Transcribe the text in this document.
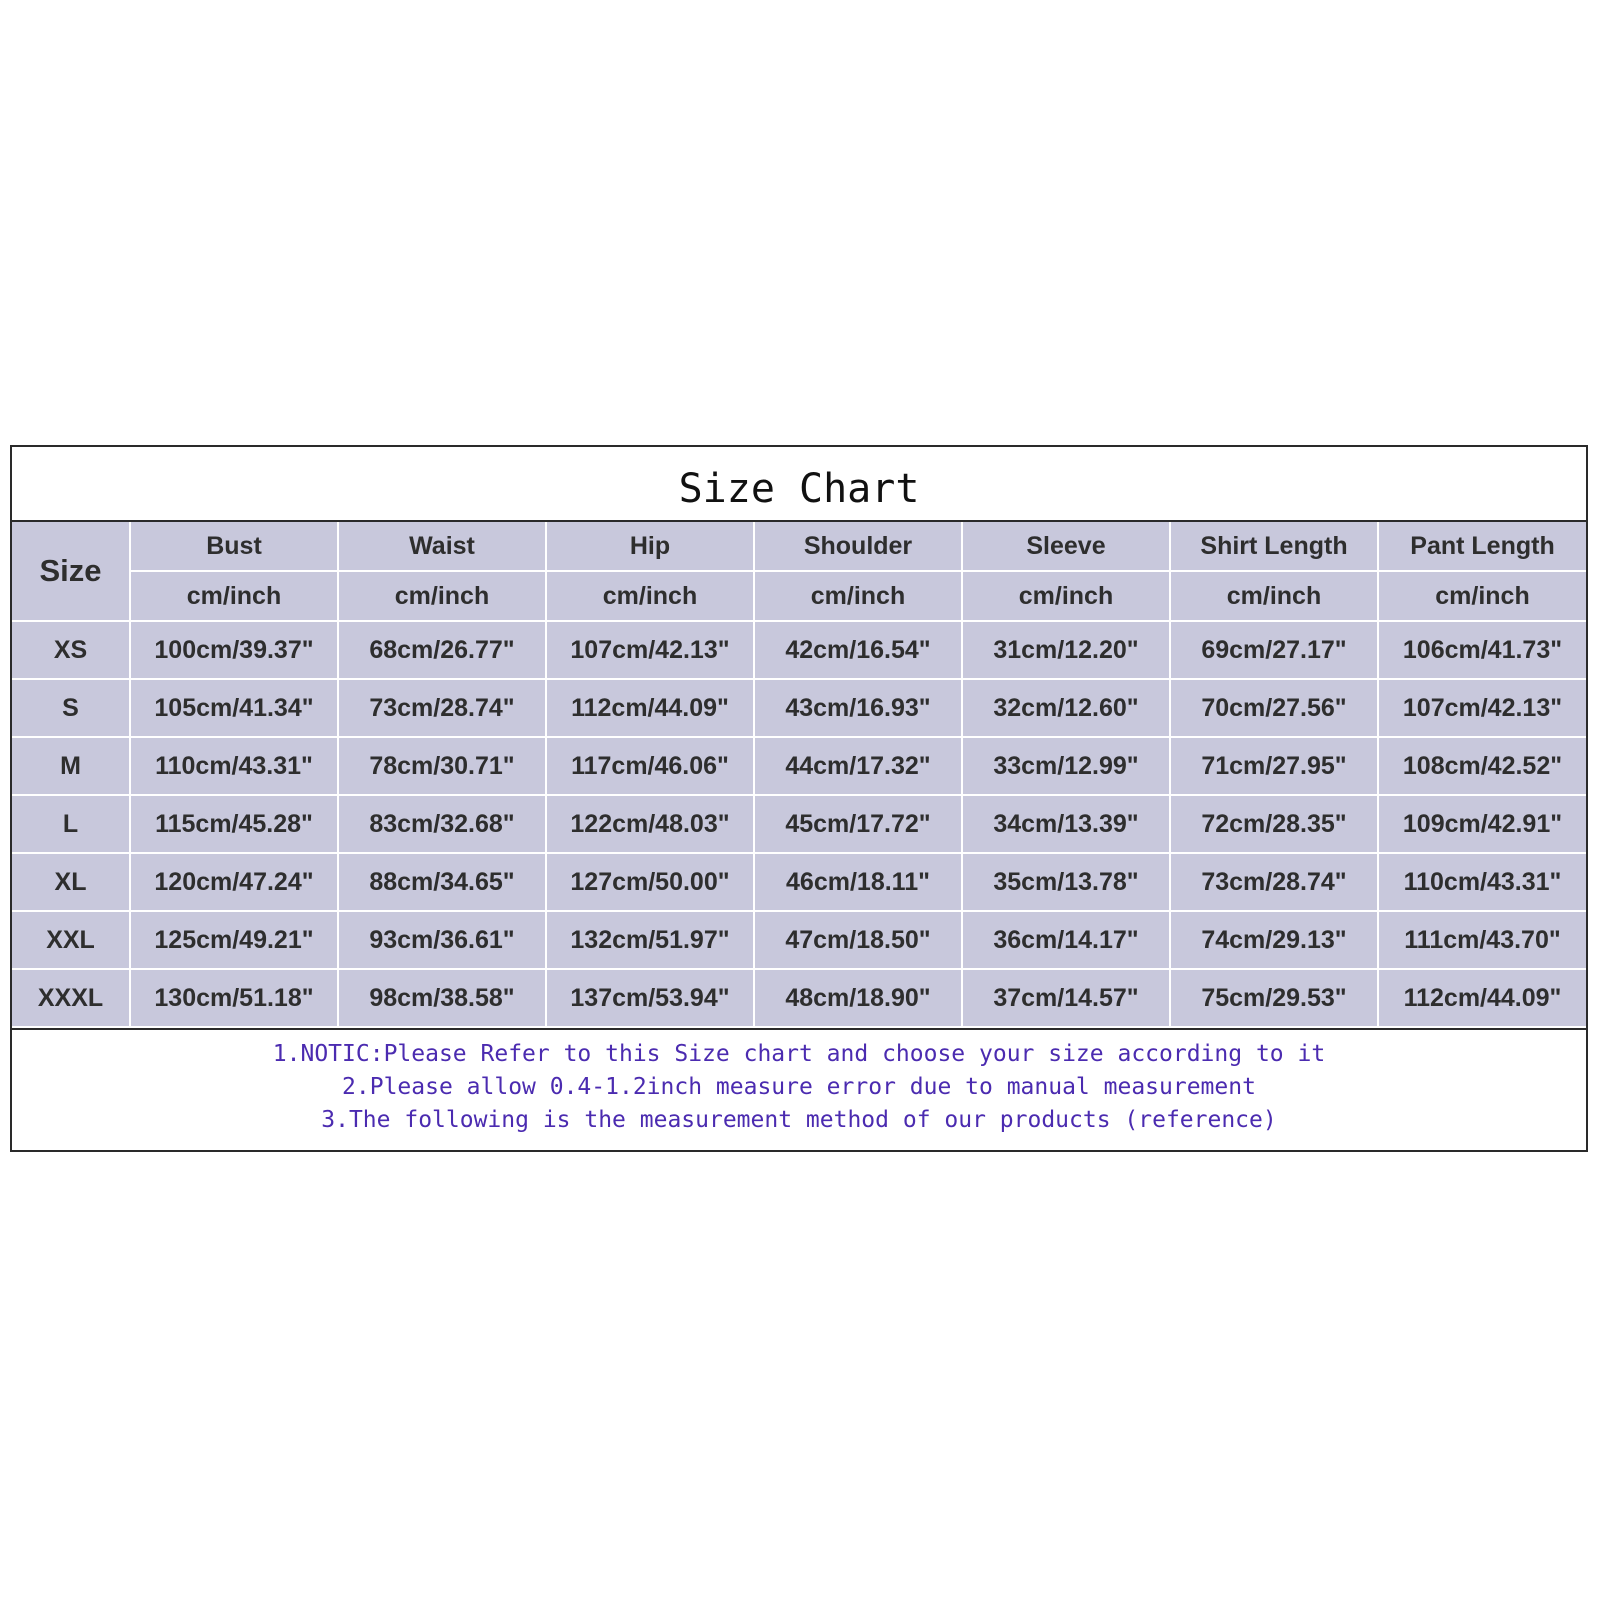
Size Chart
Size	Bust	Waist	Hip	Shoulder	Sleeve	Shirt Length	Pant Length
	cm/inch	cm/inch	cm/inch	cm/inch	cm/inch	cm/inch	cm/inch
XS	100cm/39.37"	68cm/26.77"	107cm/42.13"	42cm/16.54"	31cm/12.20"	69cm/27.17"	106cm/41.73"
S	105cm/41.34"	73cm/28.74"	112cm/44.09"	43cm/16.93"	32cm/12.60"	70cm/27.56"	107cm/42.13"
M	110cm/43.31"	78cm/30.71"	117cm/46.06"	44cm/17.32"	33cm/12.99"	71cm/27.95"	108cm/42.52"
L	115cm/45.28"	83cm/32.68"	122cm/48.03"	45cm/17.72"	34cm/13.39"	72cm/28.35"	109cm/42.91"
XL	120cm/47.24"	88cm/34.65"	127cm/50.00"	46cm/18.11"	35cm/13.78"	73cm/28.74"	110cm/43.31"
XXL	125cm/49.21"	93cm/36.61"	132cm/51.97"	47cm/18.50"	36cm/14.17"	74cm/29.13"	111cm/43.70"
XXXL	130cm/51.18"	98cm/38.58"	137cm/53.94"	48cm/18.90"	37cm/14.57"	75cm/29.53"	112cm/44.09"
1.NOTIC:Please Refer to this Size chart and choose your size according to it
2.Please allow 0.4-1.2inch measure error due to manual measurement
3.The following is the measurement method of our products (reference)
